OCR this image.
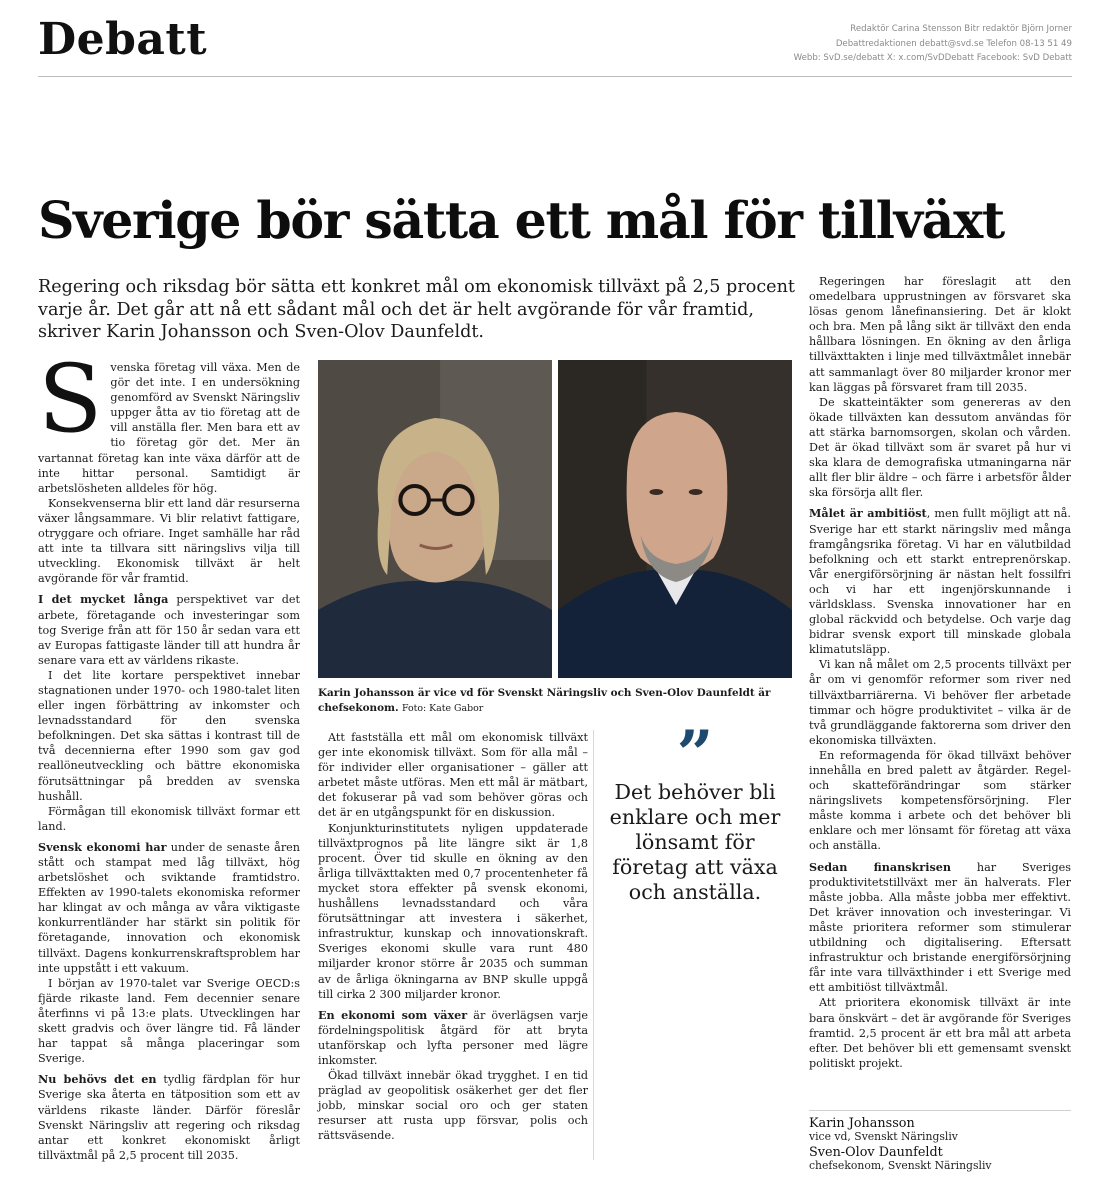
Debatt	Redaktör Carina Stensson Bitr redaktör Björn Jorner
Debattredaktionen debatt@svd.se Telefon 08-13 51 49
Webb: SvD.se/debatt X: x.com/SvDDebatt Facebook: SvD Debatt
Sverige bör sätta ett mål för tillväxt
Regering och riksdag bör sätta ett konkret mål om ekonomisk tillväxt på 2,5 procent varje år. Det går att nå ett sådant mål och det är helt avgörande för vår framtid, skriver Karin Johansson och Sven-Olov Daunfeldt.

Svenska företag vill växa. Men de gör det inte. I en undersökning genomförd av Svenskt Näringsliv uppger åtta av tio företag att de vill anställa fler. Men bara ett av tio företag gör det. Mer än vartannat företag kan inte växa därför att de inte hittar personal. Samtidigt är arbetslösheten alldeles för hög.

Konsekvenserna blir ett land där resurserna växer långsammare. Vi blir relativt fattigare, otryggare och ofriare. Inget samhälle har råd att inte ta tillvara sitt näringslivs vilja till utveckling. Ekonomisk tillväxt är helt avgörande för vår framtid.

I det mycket långa perspektivet var det arbete, företagande och investeringar som tog Sverige från att för 150 år sedan vara ett av Europas fattigaste länder till att hundra år senare vara ett av världens rikaste.

I det lite kortare perspektivet innebar stagnationen under 1970- och 1980-talet liten eller ingen förbättring av inkomster och levnadsstandard för den svenska befolkningen. Det ska sättas i kontrast till de två decennierna efter 1990 som gav god reallöneutveckling och bättre ekonomiska förutsättningar på bredden av svenska hushåll.

Förmågan till ekonomisk tillväxt formar ett land.

Svensk ekonomi har under de senaste åren stått och stampat med låg tillväxt, hög arbetslöshet och sviktande framtidstro. Effekten av 1990-talets ekonomiska reformer har klingat av och många av våra viktigaste konkurrentländer har stärkt sin politik för företagande, innovation och ekonomisk tillväxt. Dagens konkurrenskraftsproblem har inte uppstått i ett vakuum.

I början av 1970-talet var Sverige OECD:s fjärde rikaste land. Fem decennier senare återfinns vi på 13:e plats. Utvecklingen har skett gradvis och över längre tid. Få länder har tappat så många placeringar som Sverige.

Nu behövs det en tydlig färdplan för hur Sverige ska återta en tätposition som ett av världens rikaste länder. Därför föreslår Svenskt Näringsliv att regering och riksdag antar ett konkret ekonomiskt årligt tillväxtmål på 2,5 procent till 2035.

Karin Johansson är vice vd för Svenskt Näringsliv och Sven-Olov Daunfeldt är chefsekonom. Foto: Kate Gabor

Att fastställa ett mål om ekonomisk tillväxt ger inte ekonomisk tillväxt. Som för alla mål – för individer eller organisationer – gäller att arbetet måste utföras. Men ett mål är mätbart, det fokuserar på vad som behöver göras och det är en utgångspunkt för en diskussion.

Konjunkturinstitutets nyligen uppdaterade tillväxtprognos på lite längre sikt är 1,8 procent. Över tid skulle en ökning av den årliga tillväxttakten med 0,7 procentenheter få mycket stora effekter på svensk ekonomi, hushållens levnadsstandard och våra förutsättningar att investera i säkerhet, infrastruktur, kunskap och innovationskraft. Sveriges ekonomi skulle vara runt 480 miljarder kronor större år 2035 och summan av de årliga ökningarna av BNP skulle uppgå till cirka 2 300 miljarder kronor.

En ekonomi som växer är överlägsen varje fördelningspolitisk åtgärd för att bryta utanförskap och lyfta personer med lägre inkomster.

Ökad tillväxt innebär ökad trygghet. I en tid präglad av geopolitisk osäkerhet ger det fler jobb, minskar social oro och ger staten resurser att rusta upp försvar, polis och rättsväsende.

”
Det behöver bli enklare och mer lönsamt för företag att växa och anställa.

Regeringen har föreslagit att den omedelbara upprustningen av försvaret ska lösas genom lånefinansiering. Det är klokt och bra. Men på lång sikt är tillväxt den enda hållbara lösningen. En ökning av den årliga tillväxttakten i linje med tillväxtmålet innebär att sammanlagt över 80 miljarder kronor mer kan läggas på försvaret fram till 2035.

De skatteintäkter som genereras av den ökade tillväxten kan dessutom användas för att stärka barnomsorgen, skolan och vården. Det är ökad tillväxt som är svaret på hur vi ska klara de demografiska utmaningarna när allt fler blir äldre – och färre i arbetsför ålder ska försörja allt fler.

Målet är ambitiöst, men fullt möjligt att nå. Sverige har ett starkt näringsliv med många framgångsrika företag. Vi har en välutbildad befolkning och ett starkt entreprenörskap. Vår energiförsörjning är nästan helt fossilfri och vi har ett ingenjörskunnande i världsklass. Svenska innovationer har en global räckvidd och betydelse. Och varje dag bidrar svensk export till minskade globala klimatutsläpp.

Vi kan nå målet om 2,5 procents tillväxt per år om vi genomför reformer som river ned tillväxtbarriärerna. Vi behöver fler arbetade timmar och högre produktivitet – vilka är de två grundläggande faktorerna som driver den ekonomiska tillväxten.

En reformagenda för ökad tillväxt behöver innehålla en bred palett av åtgärder. Regel- och skatteförändringar som stärker näringslivets kompetensförsörjning. Fler måste komma i arbete och det behöver bli enklare och mer lönsamt för företag att växa och anställa.

Sedan finanskrisen har Sveriges produktivitetstillväxt mer än halverats. Fler måste jobba. Alla måste jobba mer effektivt. Det kräver innovation och investeringar. Vi måste prioritera reformer som stimulerar utbildning och digitalisering. Eftersatt infrastruktur och bristande energiförsörjning får inte vara tillväxthinder i ett Sverige med ett ambitiöst tillväxtmål.

Att prioritera ekonomisk tillväxt är inte bara önskvärt – det är avgörande för Sveriges framtid. 2,5 procent är ett bra mål att arbeta efter. Det behöver bli ett gemensamt svenskt politiskt projekt.

Karin Johansson
vice vd, Svenskt Näringsliv
Sven-Olov Daunfeldt
chefsekonom, Svenskt Näringsliv
